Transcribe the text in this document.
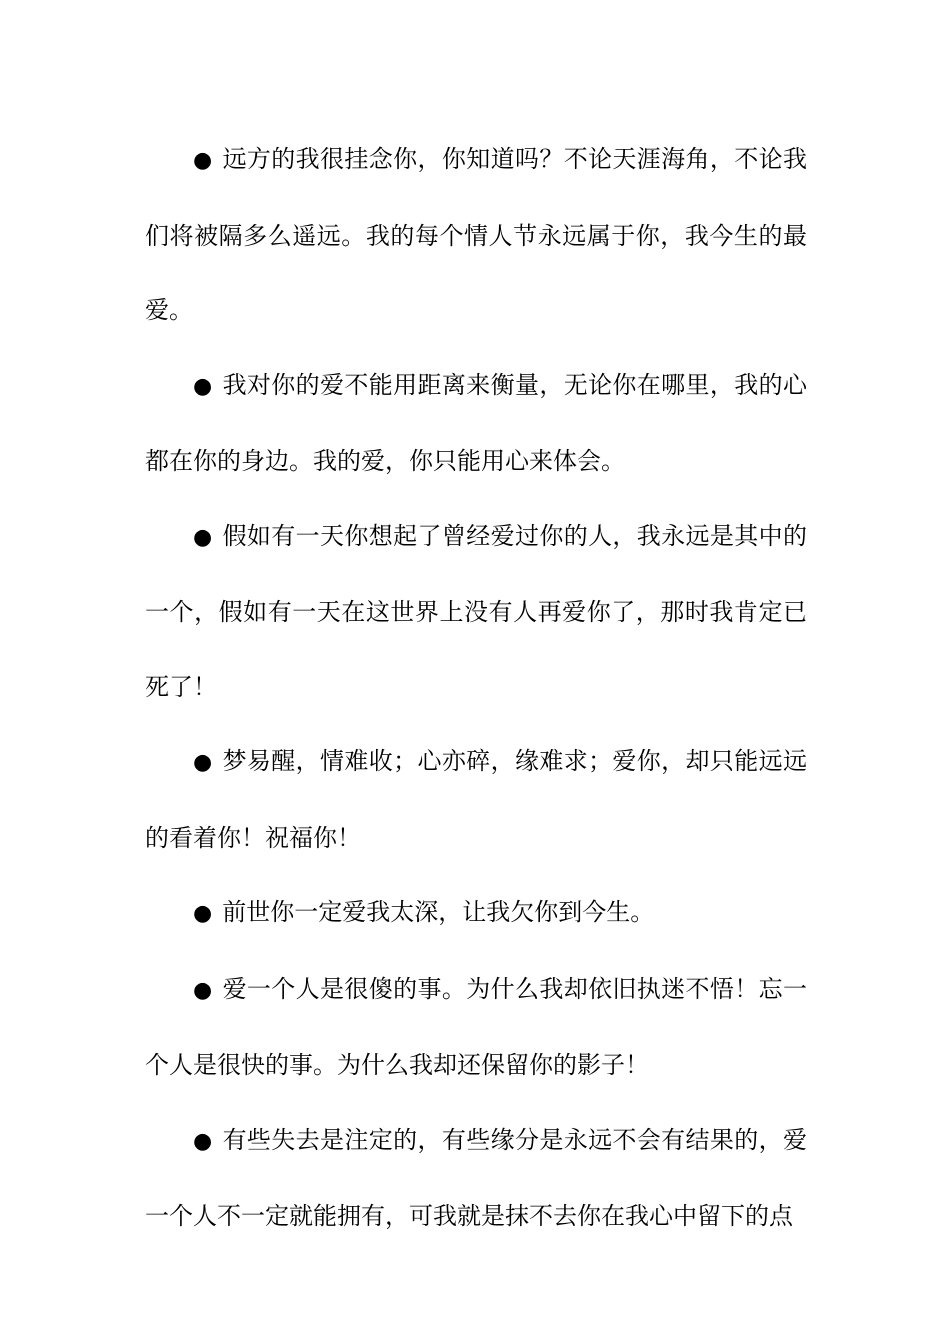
● 远方的我很挂念你，你知道吗？不论天涯海角，不论我们将被隔多么遥远。我的每个情人节永远属于你，我今生的最爱。

● 我对你的爱不能用距离来衡量，无论你在哪里，我的心都在你的身边。我的爱，你只能用心来体会。

● 假如有一天你想起了曾经爱过你的人，我永远是其中的一个，假如有一天在这世界上没有人再爱你了，那时我肯定已死了！

● 梦易醒，情难收；心亦碎，缘难求；爱你，却只能远远的看着你！祝福你！

● 前世你一定爱我太深，让我欠你到今生。

● 爱一个人是很傻的事。为什么我却依旧执迷不悟！忘一个人是很快的事。为什么我却还保留你的影子！

● 有些失去是注定的，有些缘分是永远不会有结果的，爱一个人不一定就能拥有，可我就是抹不去你在我心中留下的点
